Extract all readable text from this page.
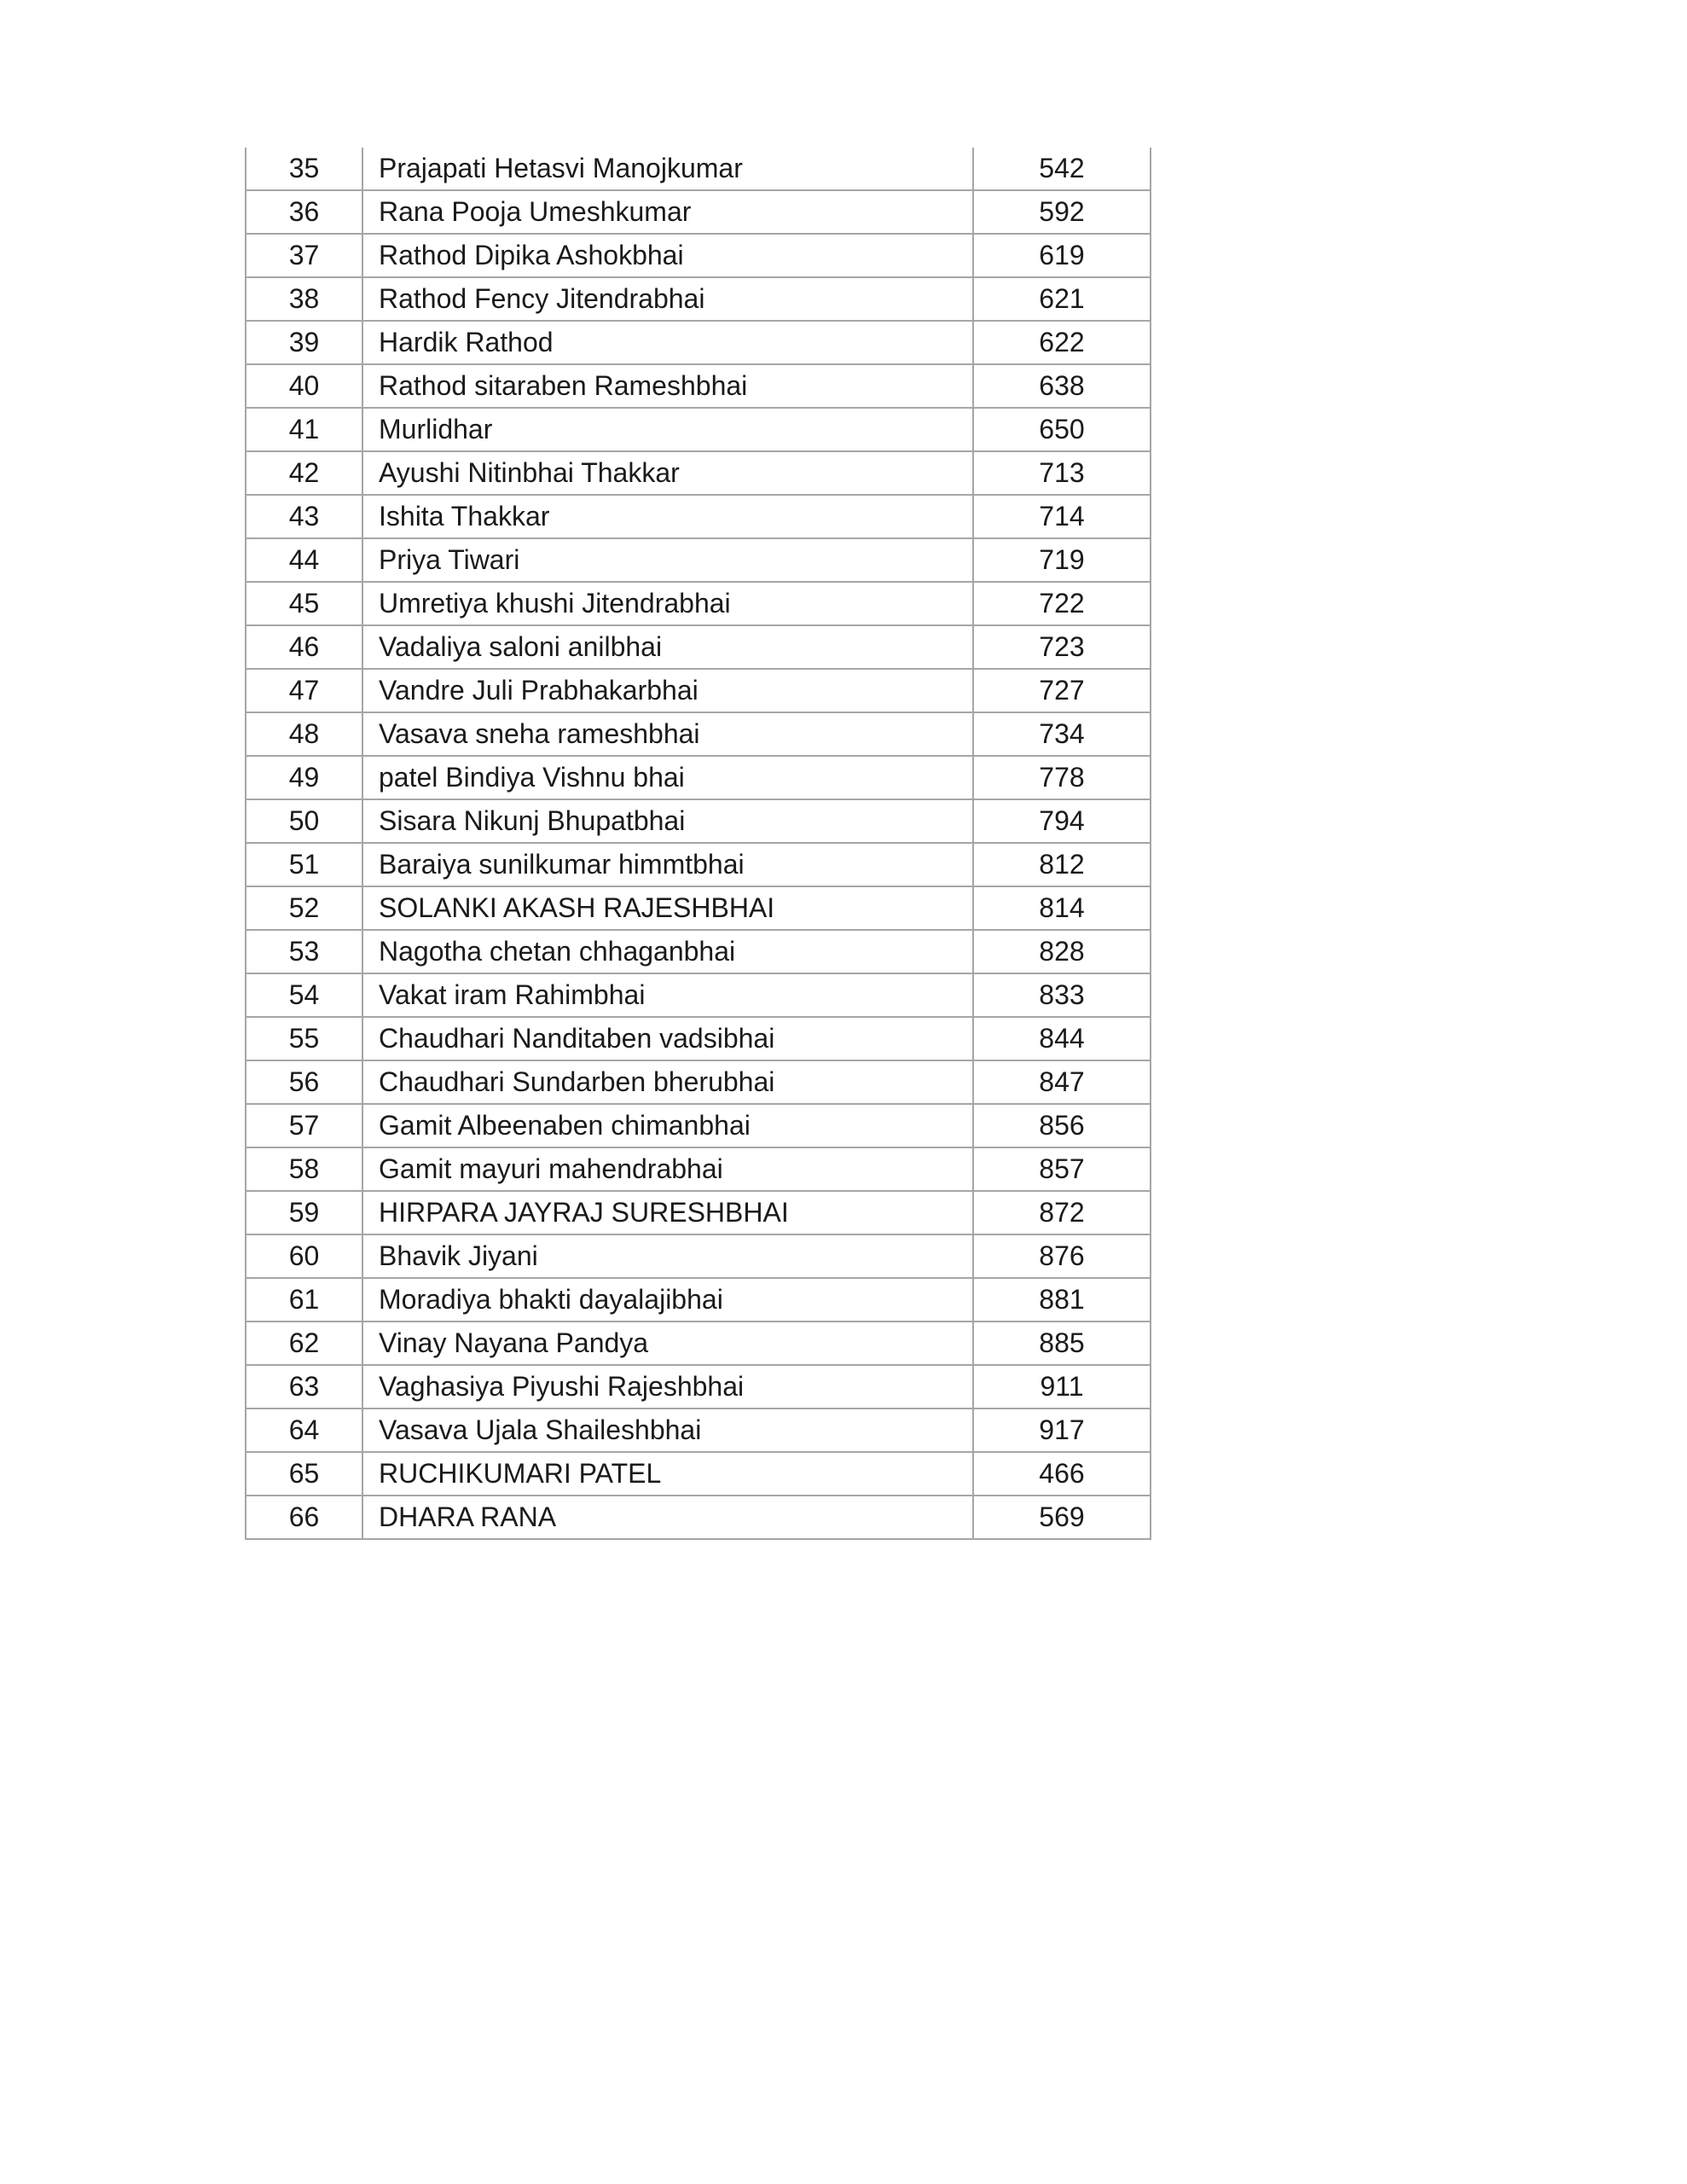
35	Prajapati Hetasvi Manojkumar	542
36	Rana Pooja Umeshkumar	592
37	Rathod Dipika Ashokbhai	619
38	Rathod Fency Jitendrabhai	621
39	Hardik Rathod	622
40	Rathod sitaraben Rameshbhai	638
41	Murlidhar	650
42	Ayushi Nitinbhai Thakkar	713
43	Ishita Thakkar	714
44	Priya Tiwari	719
45	Umretiya khushi Jitendrabhai	722
46	Vadaliya saloni anilbhai	723
47	Vandre Juli Prabhakarbhai	727
48	Vasava sneha rameshbhai	734
49	patel Bindiya Vishnu bhai	778
50	Sisara Nikunj Bhupatbhai	794
51	Baraiya sunilkumar himmtbhai	812
52	SOLANKI AKASH RAJESHBHAI	814
53	Nagotha chetan chhaganbhai	828
54	Vakat iram Rahimbhai	833
55	Chaudhari Nanditaben vadsibhai	844
56	Chaudhari Sundarben bherubhai	847
57	Gamit Albeenaben chimanbhai	856
58	Gamit mayuri mahendrabhai	857
59	HIRPARA JAYRAJ SURESHBHAI	872
60	Bhavik Jiyani	876
61	Moradiya bhakti dayalajibhai	881
62	Vinay Nayana Pandya	885
63	Vaghasiya Piyushi Rajeshbhai	911
64	Vasava Ujala Shaileshbhai	917
65	RUCHIKUMARI PATEL	466
66	DHARA RANA	569
